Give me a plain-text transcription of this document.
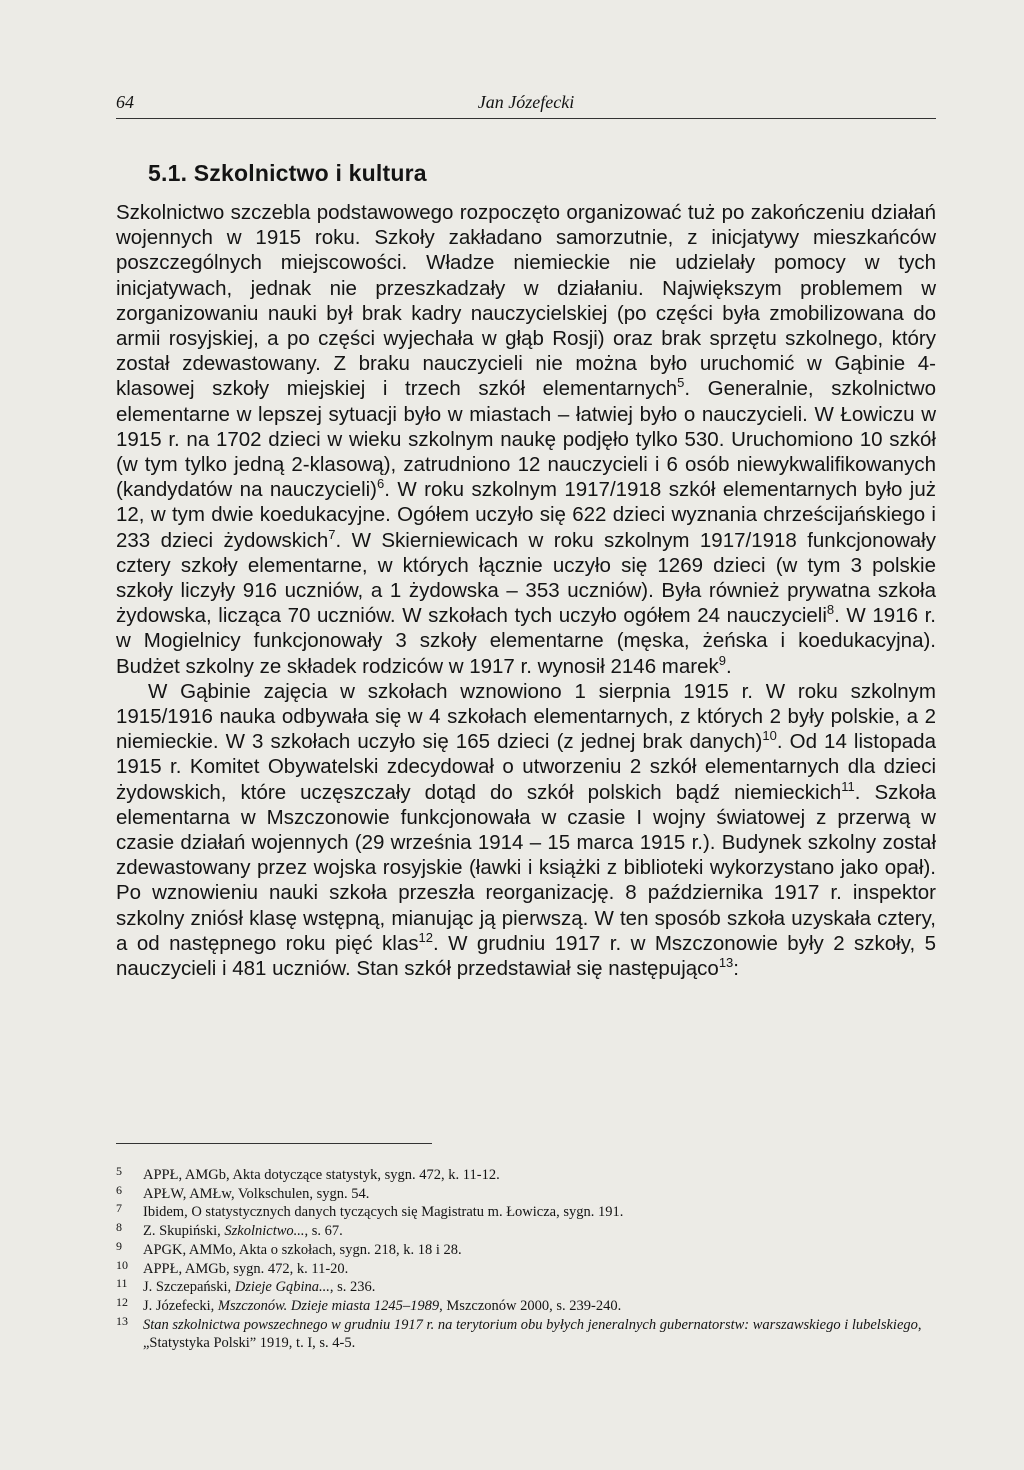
64	Jan Józefecki
5.1. Szkolnictwo i kultura

Szkolnictwo szczebla podstawowego rozpoczęto organizować tuż po zakończeniu działań wojennych w 1915 roku. Szkoły zakładano samorzutnie, z inicjatywy mieszkańców poszczególnych miejscowości. Władze niemieckie nie udzielały pomocy w tych inicjatywach, jednak nie przeszkadzały w działaniu. Największym problemem w zorganizowaniu nauki był brak kadry nauczycielskiej (po części była zmobilizowana do armii rosyjskiej, a po części wyjechała w głąb Rosji) oraz brak sprzętu szkolnego, który został zdewastowany. Z braku nauczycieli nie można było uruchomić w Gąbinie 4-klasowej szkoły miejskiej i trzech szkół elementarnych$^5$. Generalnie, szkolnictwo elementarne w lepszej sytuacji było w miastach – łatwiej było o nauczycieli. W Łowiczu w 1915 r. na 1702 dzieci w wieku szkolnym naukę podjęło tylko 530. Uruchomiono 10 szkół (w tym tylko jedną 2-klasową), zatrudniono 12 nauczycieli i 6 osób niewykwalifikowanych (kandydatów na nauczycieli)$^6$. W roku szkolnym 1917/1918 szkół elementarnych było już 12, w tym dwie koedukacyjne. Ogółem uczyło się 622 dzieci wyznania chrześcijańskiego i 233 dzieci żydowskich$^7$. W Skierniewicach w roku szkolnym 1917/1918 funkcjonowały cztery szkoły elementarne, w których łącznie uczyło się 1269 dzieci (w tym 3 polskie szkoły liczyły 916 uczniów, a 1 żydowska – 353 uczniów). Była również prywatna szkoła żydowska, licząca 70 uczniów. W szkołach tych uczyło ogółem 24 nauczycieli$^8$. W 1916 r. w Mogielnicy funkcjonowały 3 szkoły elementarne (męska, żeńska i koedukacyjna). Budżet szkolny ze składek rodziców w 1917 r. wynosił 2146 marek$^9$.

W Gąbinie zajęcia w szkołach wznowiono 1 sierpnia 1915 r. W roku szkolnym 1915/1916 nauka odbywała się w 4 szkołach elementarnych, z których 2 były polskie, a 2 niemieckie. W 3 szkołach uczyło się 165 dzieci (z jednej brak danych)$^{10}$. Od 14 listopada 1915 r. Komitet Obywatelski zdecydował o utworzeniu 2 szkół elementarnych dla dzieci żydowskich, które uczęszczały dotąd do szkół polskich bądź niemieckich$^{11}$. Szkoła elementarna w Mszczonowie funkcjonowała w czasie I wojny światowej z przerwą w czasie działań wojennych (29 września 1914 – 15 marca 1915 r.). Budynek szkolny został zdewastowany przez wojska rosyjskie (ławki i książki z biblioteki wykorzystano jako opał). Po wznowieniu nauki szkoła przeszła reorganizację. 8 października 1917 r. inspektor szkolny zniósł klasę wstępną, mianując ją pierwszą. W ten sposób szkoła uzyskała cztery, a od następnego roku pięć klas$^{12}$. W grudniu 1917 r. w Mszczonowie były 2 szkoły, 5 nauczycieli i 481 uczniów. Stan szkół przedstawiał się następująco$^{13}$:

5 APPŁ, AMGb, Akta dotyczące statystyk, sygn. 472, k. 11-12.
6 APŁW, AMŁw, Volkschulen, sygn. 54.
7 Ibidem, O statystycznych danych tyczących się Magistratu m. Łowicza, sygn. 191.
8 Z. Skupiński, Szkolnictwo..., s. 67.
9 APGK, AMMo, Akta o szkołach, sygn. 218, k. 18 i 28.
10 APPŁ, AMGb, sygn. 472, k. 11-20.
11 J. Szczepański, Dzieje Gąbina..., s. 236.
12 J. Józefecki, Mszczonów. Dzieje miasta 1245–1989, Mszczonów 2000, s. 239-240.
13 Stan szkolnictwa powszechnego w grudniu 1917 r. na terytorium obu byłych jeneralnych gubernatorstw: warszawskiego i lubelskiego, „Statystyka Polski” 1919, t. I, s. 4-5.
